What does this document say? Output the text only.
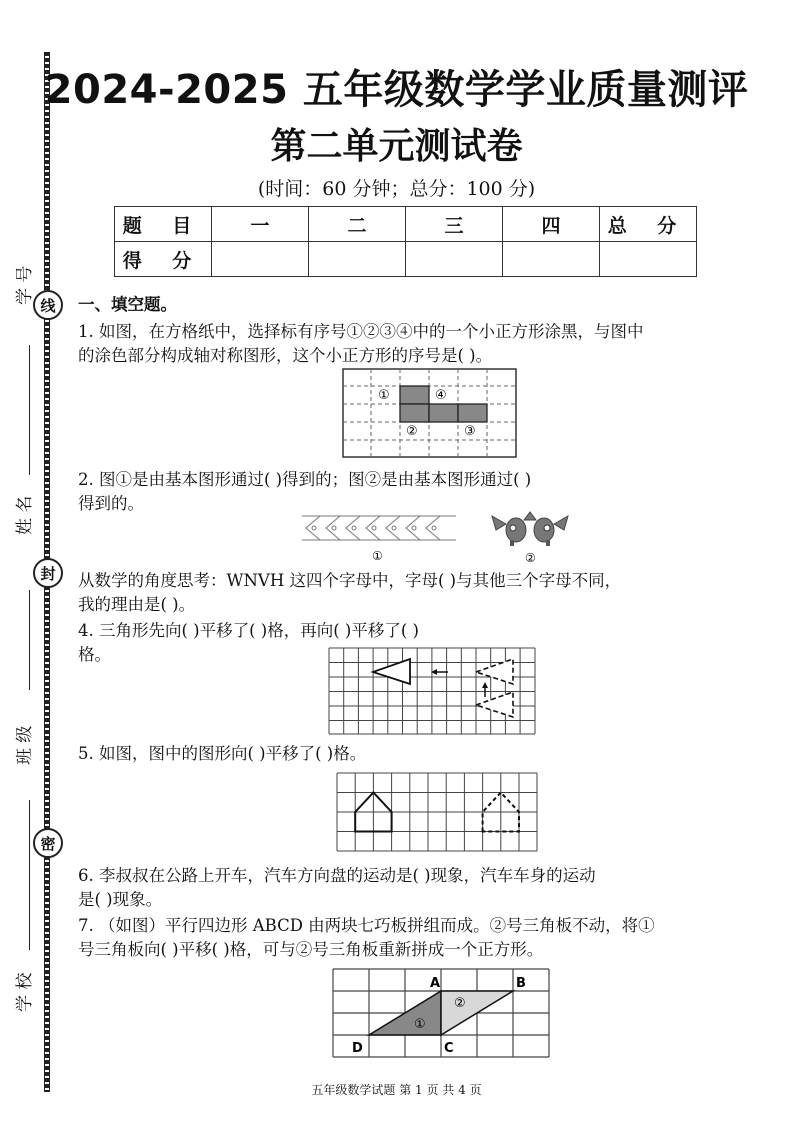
线
封
密
学 号
姓 名
班 级
学 校
2024-2025 五年级数学学业质量测评
第二单元测试卷
(时间：60 分钟；总分：100 分)
题 目	一	二	三	四	总 分
得 分					
一、填空题。
1. 如图，在方格纸中，选择标有序号①②③④中的一个小正方形涂黑，与图中
的涂色部分构成轴对称图形，这个小正方形的序号是( )。
①	④
②	③
2. 图①是由基本图形通过( )得到的；图②是由基本图形通过( )
得到的。
①	②
从数学的角度思考：WNVH 这四个字母中，字母( )与其他三个字母不同，
我的理由是( )。
4. 三角形先向( )平移了( )格，再向( )平移了( )
格。
5. 如图，图中的图形向( )平移了( )格。
6. 李叔叔在公路上开车，汽车方向盘的运动是( )现象，汽车车身的运动
是( )现象。
7. （如图）平行四边形 ABCD 由两块七巧板拼组而成。②号三角板不动，将①
号三角板向( )平移( )格，可与②号三角板重新拼成一个正方形。
A	B
C
D
①
②
五年级数学试题 第 1 页 共 4 页
